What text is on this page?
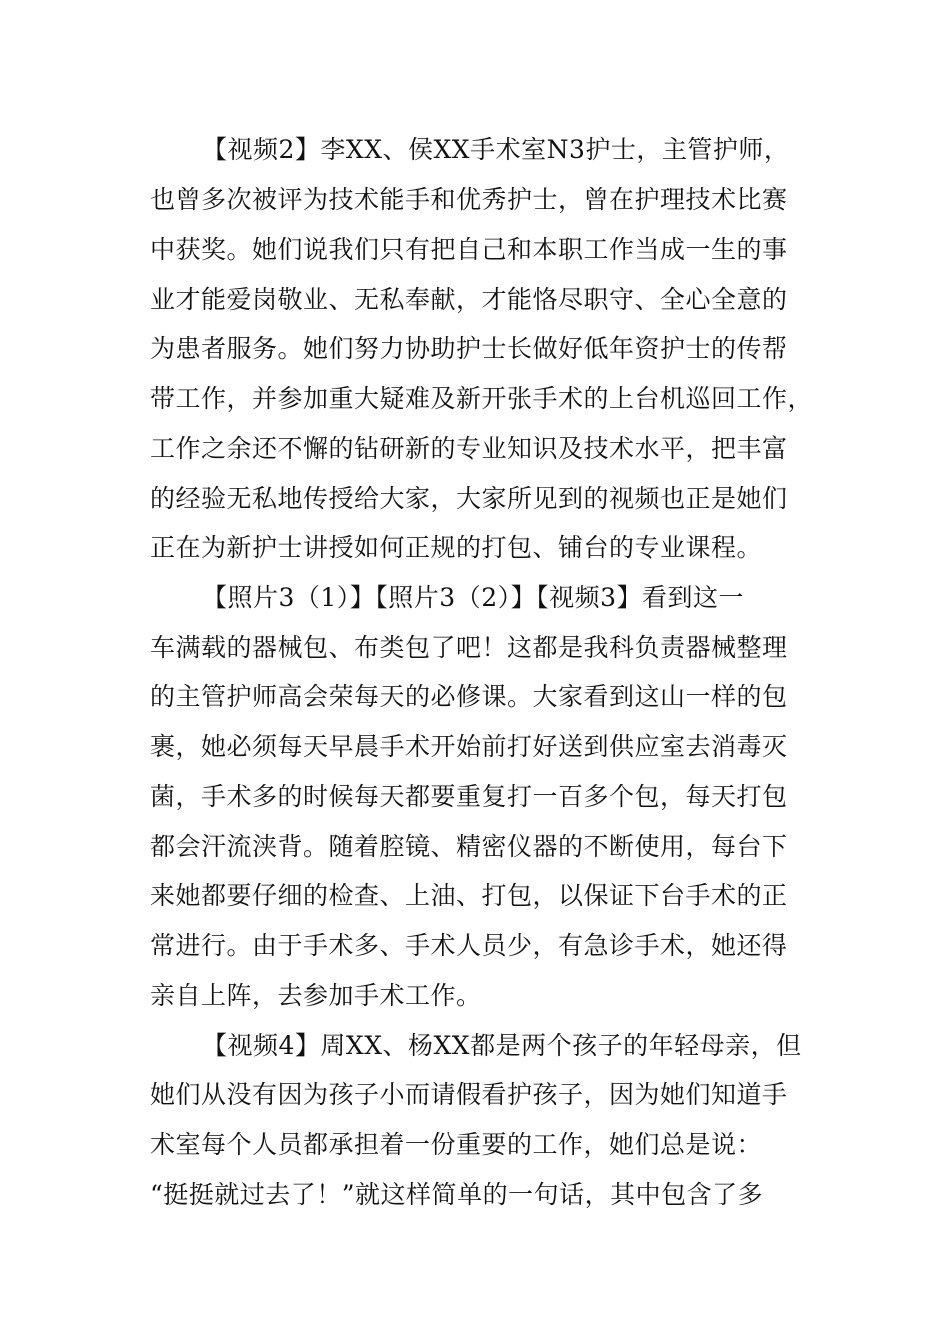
【视频2】李XX、侯XX手术室N3护士，主管护师，
也曾多次被评为技术能手和优秀护士，曾在护理技术比赛
中获奖。她们说我们只有把自己和本职工作当成一生的事
业才能爱岗敬业、无私奉献，才能恪尽职守、全心全意的
为患者服务。她们努力协助护士长做好低年资护士的传帮
带工作，并参加重大疑难及新开张手术的上台机巡回工作，
工作之余还不懈的钻研新的专业知识及技术水平，把丰富
的经验无私地传授给大家，大家所见到的视频也正是她们
正在为新护士讲授如何正规的打包、铺台的专业课程。
【照片3（1）】【照片3（2）】【视频3】看到这一
车满载的器械包、布类包了吧！这都是我科负责器械整理
的主管护师高会荣每天的必修课。大家看到这山一样的包
裹，她必须每天早晨手术开始前打好送到供应室去消毒灭
菌，手术多的时候每天都要重复打一百多个包，每天打包
都会汗流浃背。随着腔镜、精密仪器的不断使用，每台下
来她都要仔细的检查、上油、打包，以保证下台手术的正
常进行。由于手术多、手术人员少，有急诊手术，她还得
亲自上阵，去参加手术工作。
【视频4】周XX、杨XX都是两个孩子的年轻母亲，但
她们从没有因为孩子小而请假看护孩子，因为她们知道手
术室每个人员都承担着一份重要的工作，她们总是说：
“挺挺就过去了！”就这样简单的一句话，其中包含了多
